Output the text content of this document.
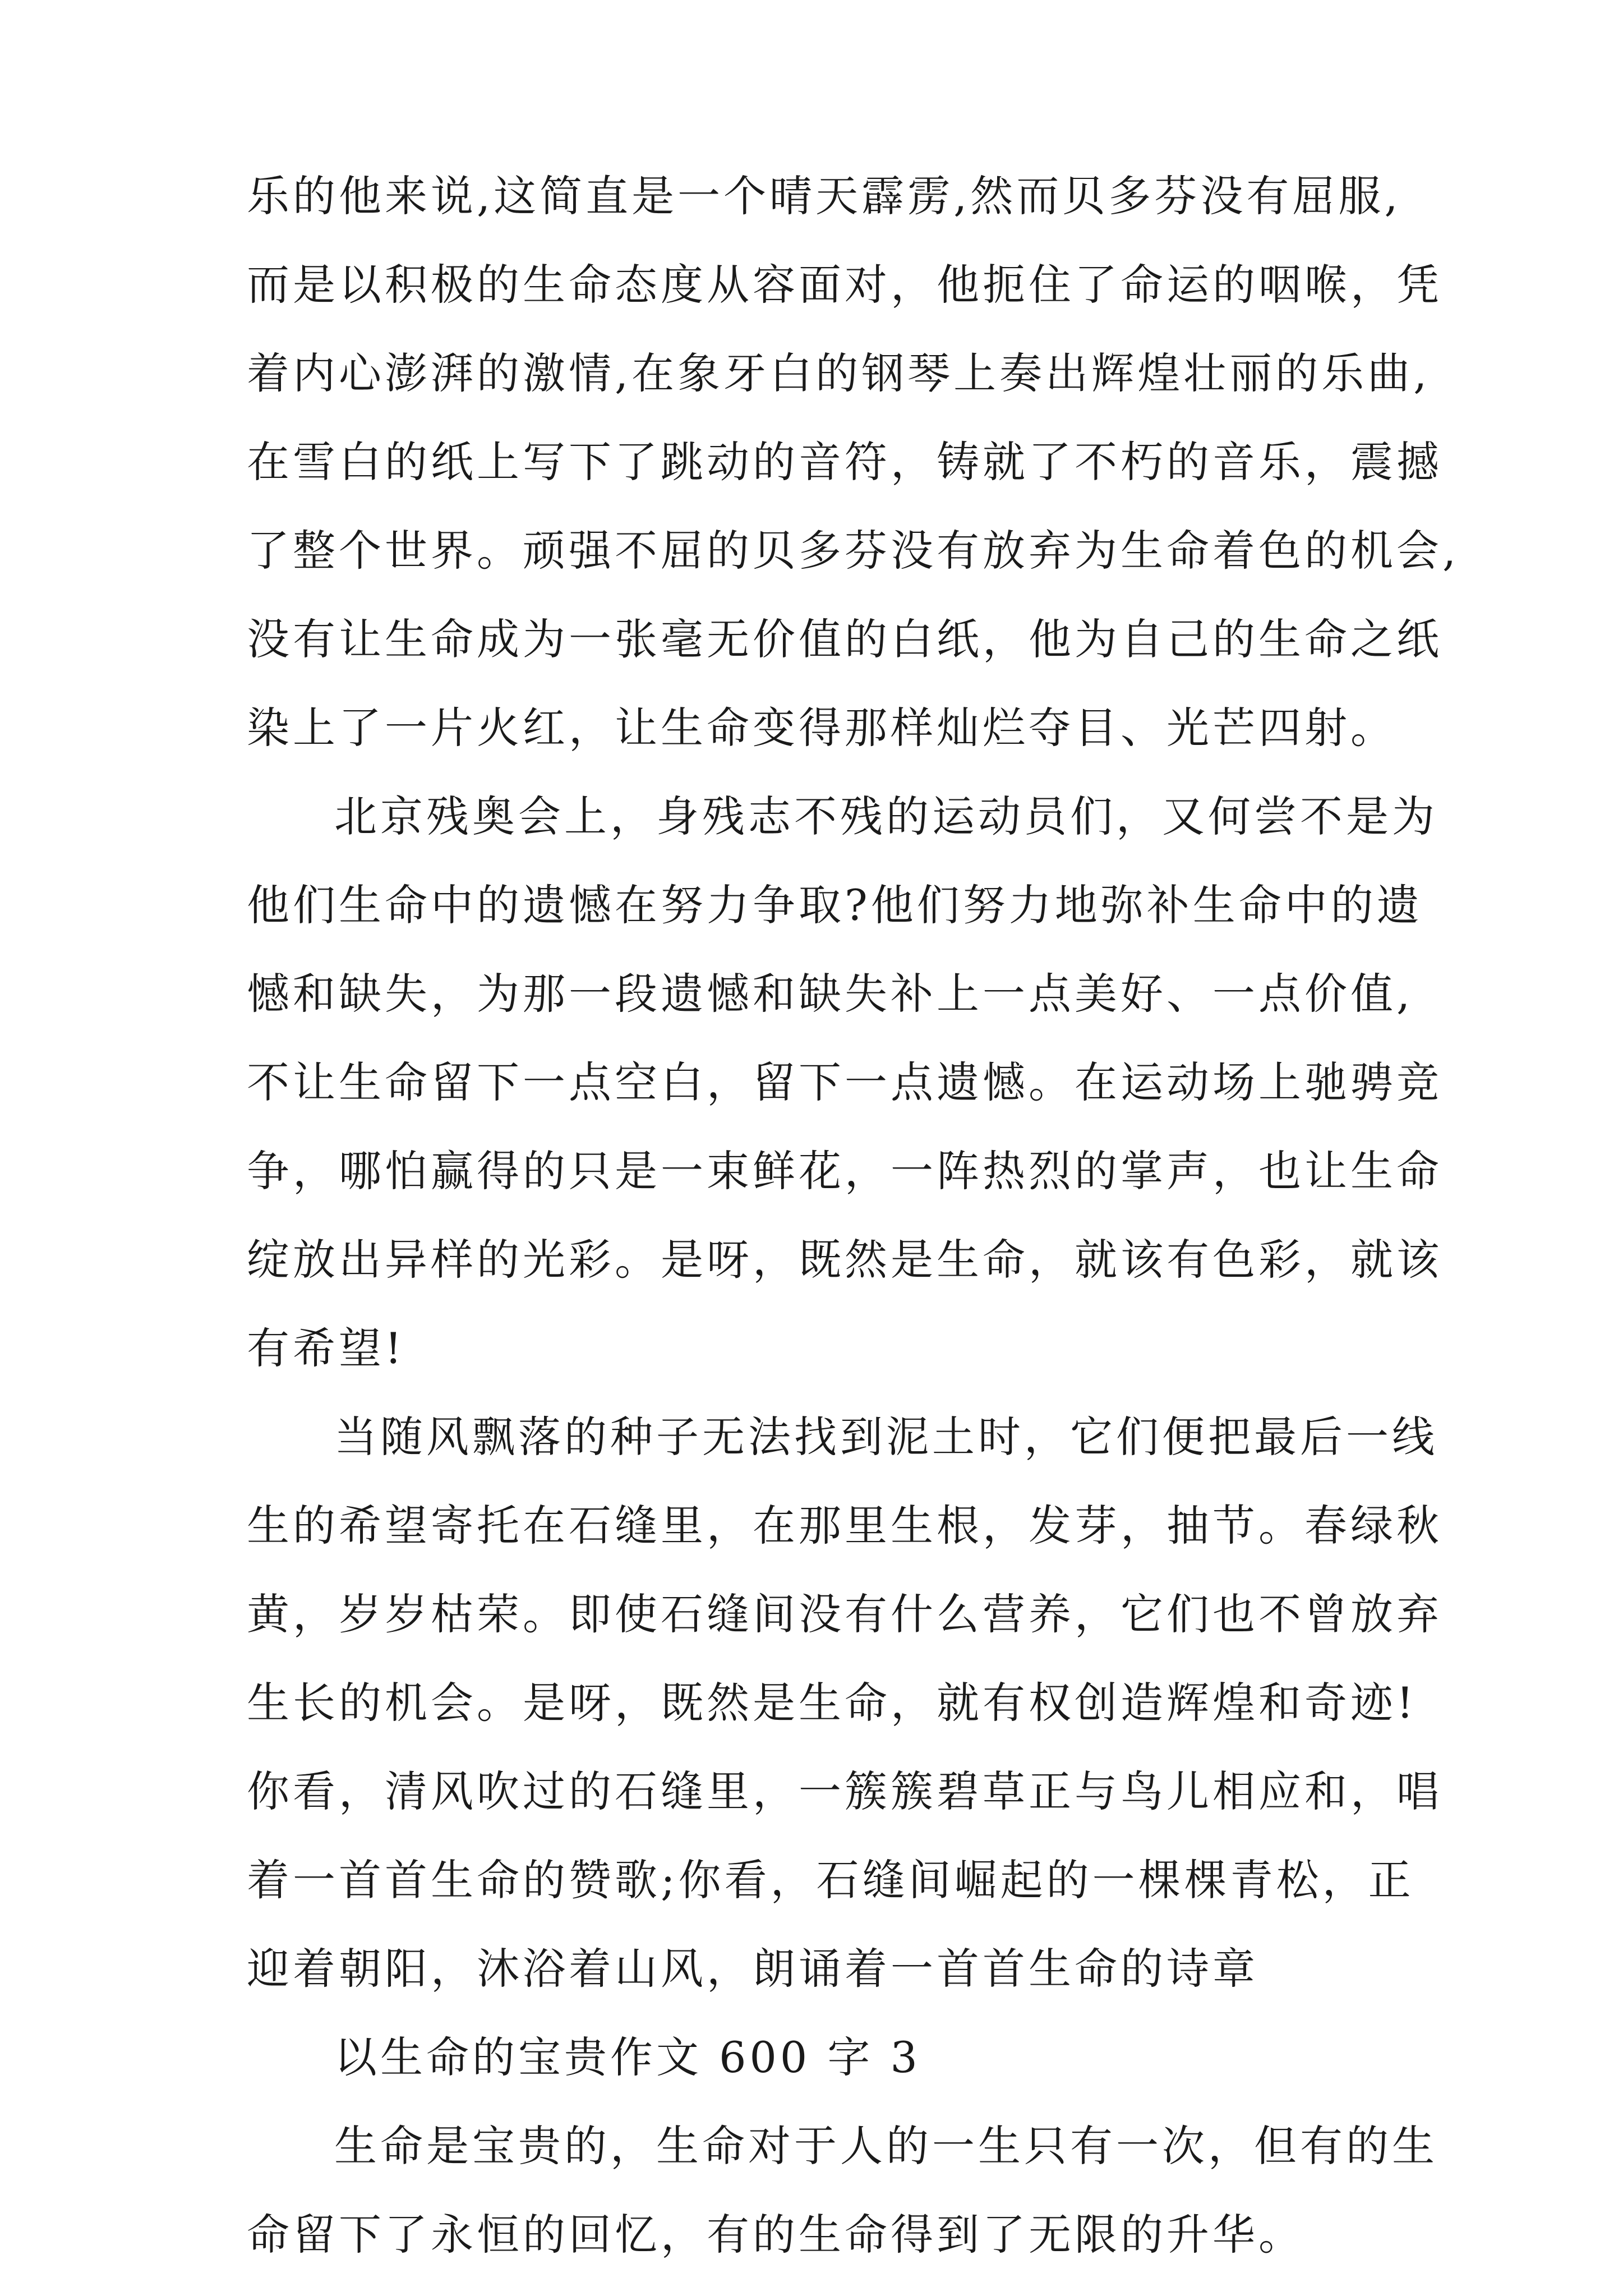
乐的他来说,这简直是一个晴天霹雳,然而贝多芬没有屈服,
而是以积极的生命态度从容面对，他扼住了命运的咽喉，凭
着内心澎湃的激情,在象牙白的钢琴上奏出辉煌壮丽的乐曲,
在雪白的纸上写下了跳动的音符，铸就了不朽的音乐，震撼
了整个世界。顽强不屈的贝多芬没有放弃为生命着色的机会,
没有让生命成为一张毫无价值的白纸，他为自己的生命之纸
染上了一片火红，让生命变得那样灿烂夺目、光芒四射。
北京残奥会上，身残志不残的运动员们，又何尝不是为
他们生命中的遗憾在努力争取?他们努力地弥补生命中的遗
憾和缺失，为那一段遗憾和缺失补上一点美好、一点价值,
不让生命留下一点空白，留下一点遗憾。在运动场上驰骋竞
争，哪怕赢得的只是一束鲜花，一阵热烈的掌声，也让生命
绽放出异样的光彩。是呀，既然是生命，就该有色彩，就该
有希望!
当随风飘落的种子无法找到泥土时，它们便把最后一线
生的希望寄托在石缝里，在那里生根，发芽，抽节。春绿秋
黄，岁岁枯荣。即使石缝间没有什么营养，它们也不曾放弃
生长的机会。是呀，既然是生命，就有权创造辉煌和奇迹!
你看，清风吹过的石缝里，一簇簇碧草正与鸟儿相应和，唱
着一首首生命的赞歌;你看，石缝间崛起的一棵棵青松，正
迎着朝阳，沐浴着山风，朗诵着一首首生命的诗章
以生命的宝贵作文 600 字 3
生命是宝贵的，生命对于人的一生只有一次，但有的生
命留下了永恒的回忆，有的生命得到了无限的升华。
